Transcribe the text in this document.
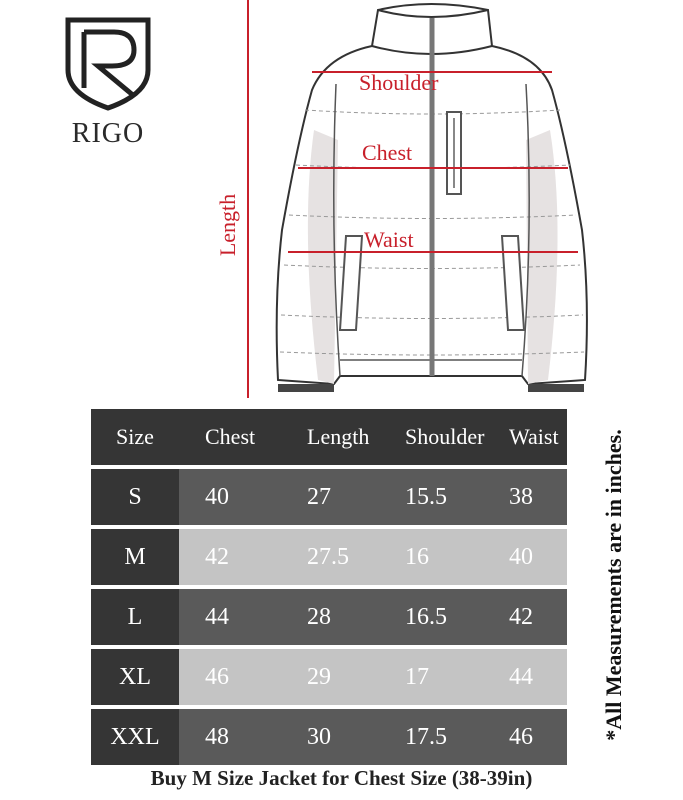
RIGO
Length
Shoulder
Chest
Waist
Size	Chest	Length	Shoulder	Waist
S	40	27	15.5	38
M	42	27.5	16	40
L	44	28	16.5	42
XL	46	29	17	44
XXL	48	30	17.5	46	*All Measurements are in inches.
Buy M Size Jacket for Chest Size (38-39in)
